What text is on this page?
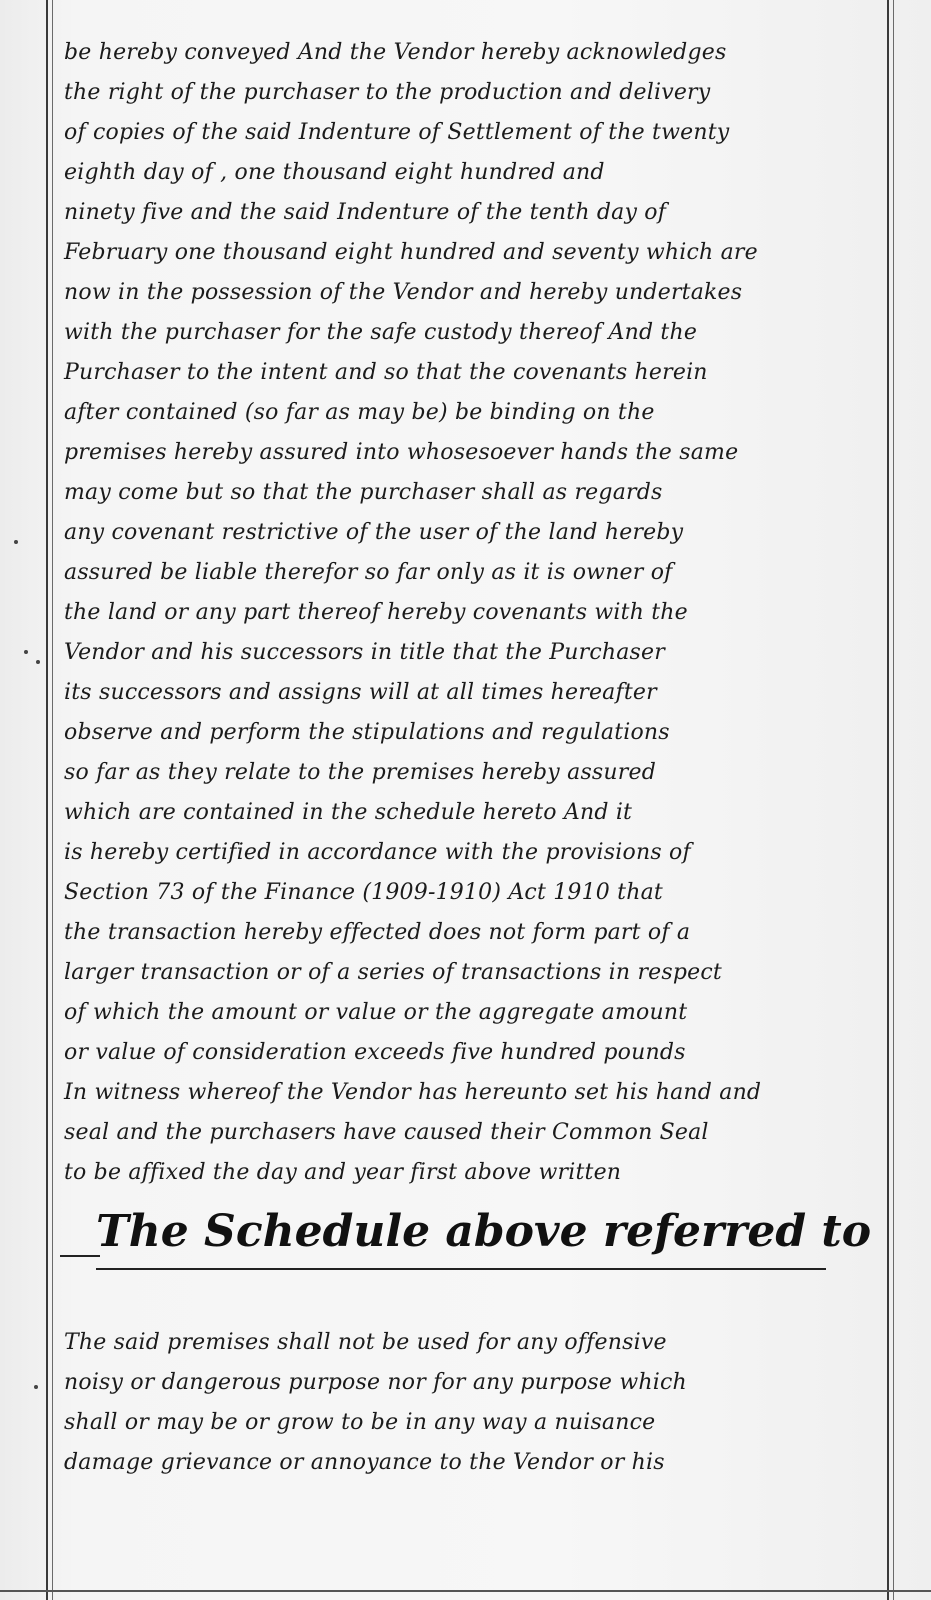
be hereby conveyed And the Vendor hereby acknowledges
the right of the purchaser to the production and delivery
of copies of the said Indenture of Settlement of the twenty
eighth day of , one thousand eight hundred and
ninety five and the said Indenture of the tenth day of
February one thousand eight hundred and seventy which are
now in the possession of the Vendor and hereby undertakes
with the purchaser for the safe custody thereof And the
Purchaser to the intent and so that the covenants herein
after contained (so far as may be) be binding on the
premises hereby assured into whosesoever hands the same
may come but so that the purchaser shall as regards
any covenant restrictive of the user of the land hereby
assured be liable therefor so far only as it is owner of
the land or any part thereof hereby covenants with the
Vendor and his successors in title that the Purchaser
its successors and assigns will at all times hereafter
observe and perform the stipulations and regulations
so far as they relate to the premises hereby assured
which are contained in the schedule hereto And it
is hereby certified in accordance with the provisions of
Section 73 of the Finance (1909-1910) Act 1910 that
the transaction hereby effected does not form part of a
larger transaction or of a series of transactions in respect
of which the amount or value or the aggregate amount
or value of consideration exceeds five hundred pounds
In witness whereof the Vendor has hereunto set his hand and
seal and the purchasers have caused their Common Seal
to be affixed the day and year first above written
The Schedule above referred to
The said premises shall not be used for any offensive
noisy or dangerous purpose nor for any purpose which
shall or may be or grow to be in any way a nuisance
damage grievance or annoyance to the Vendor or his
